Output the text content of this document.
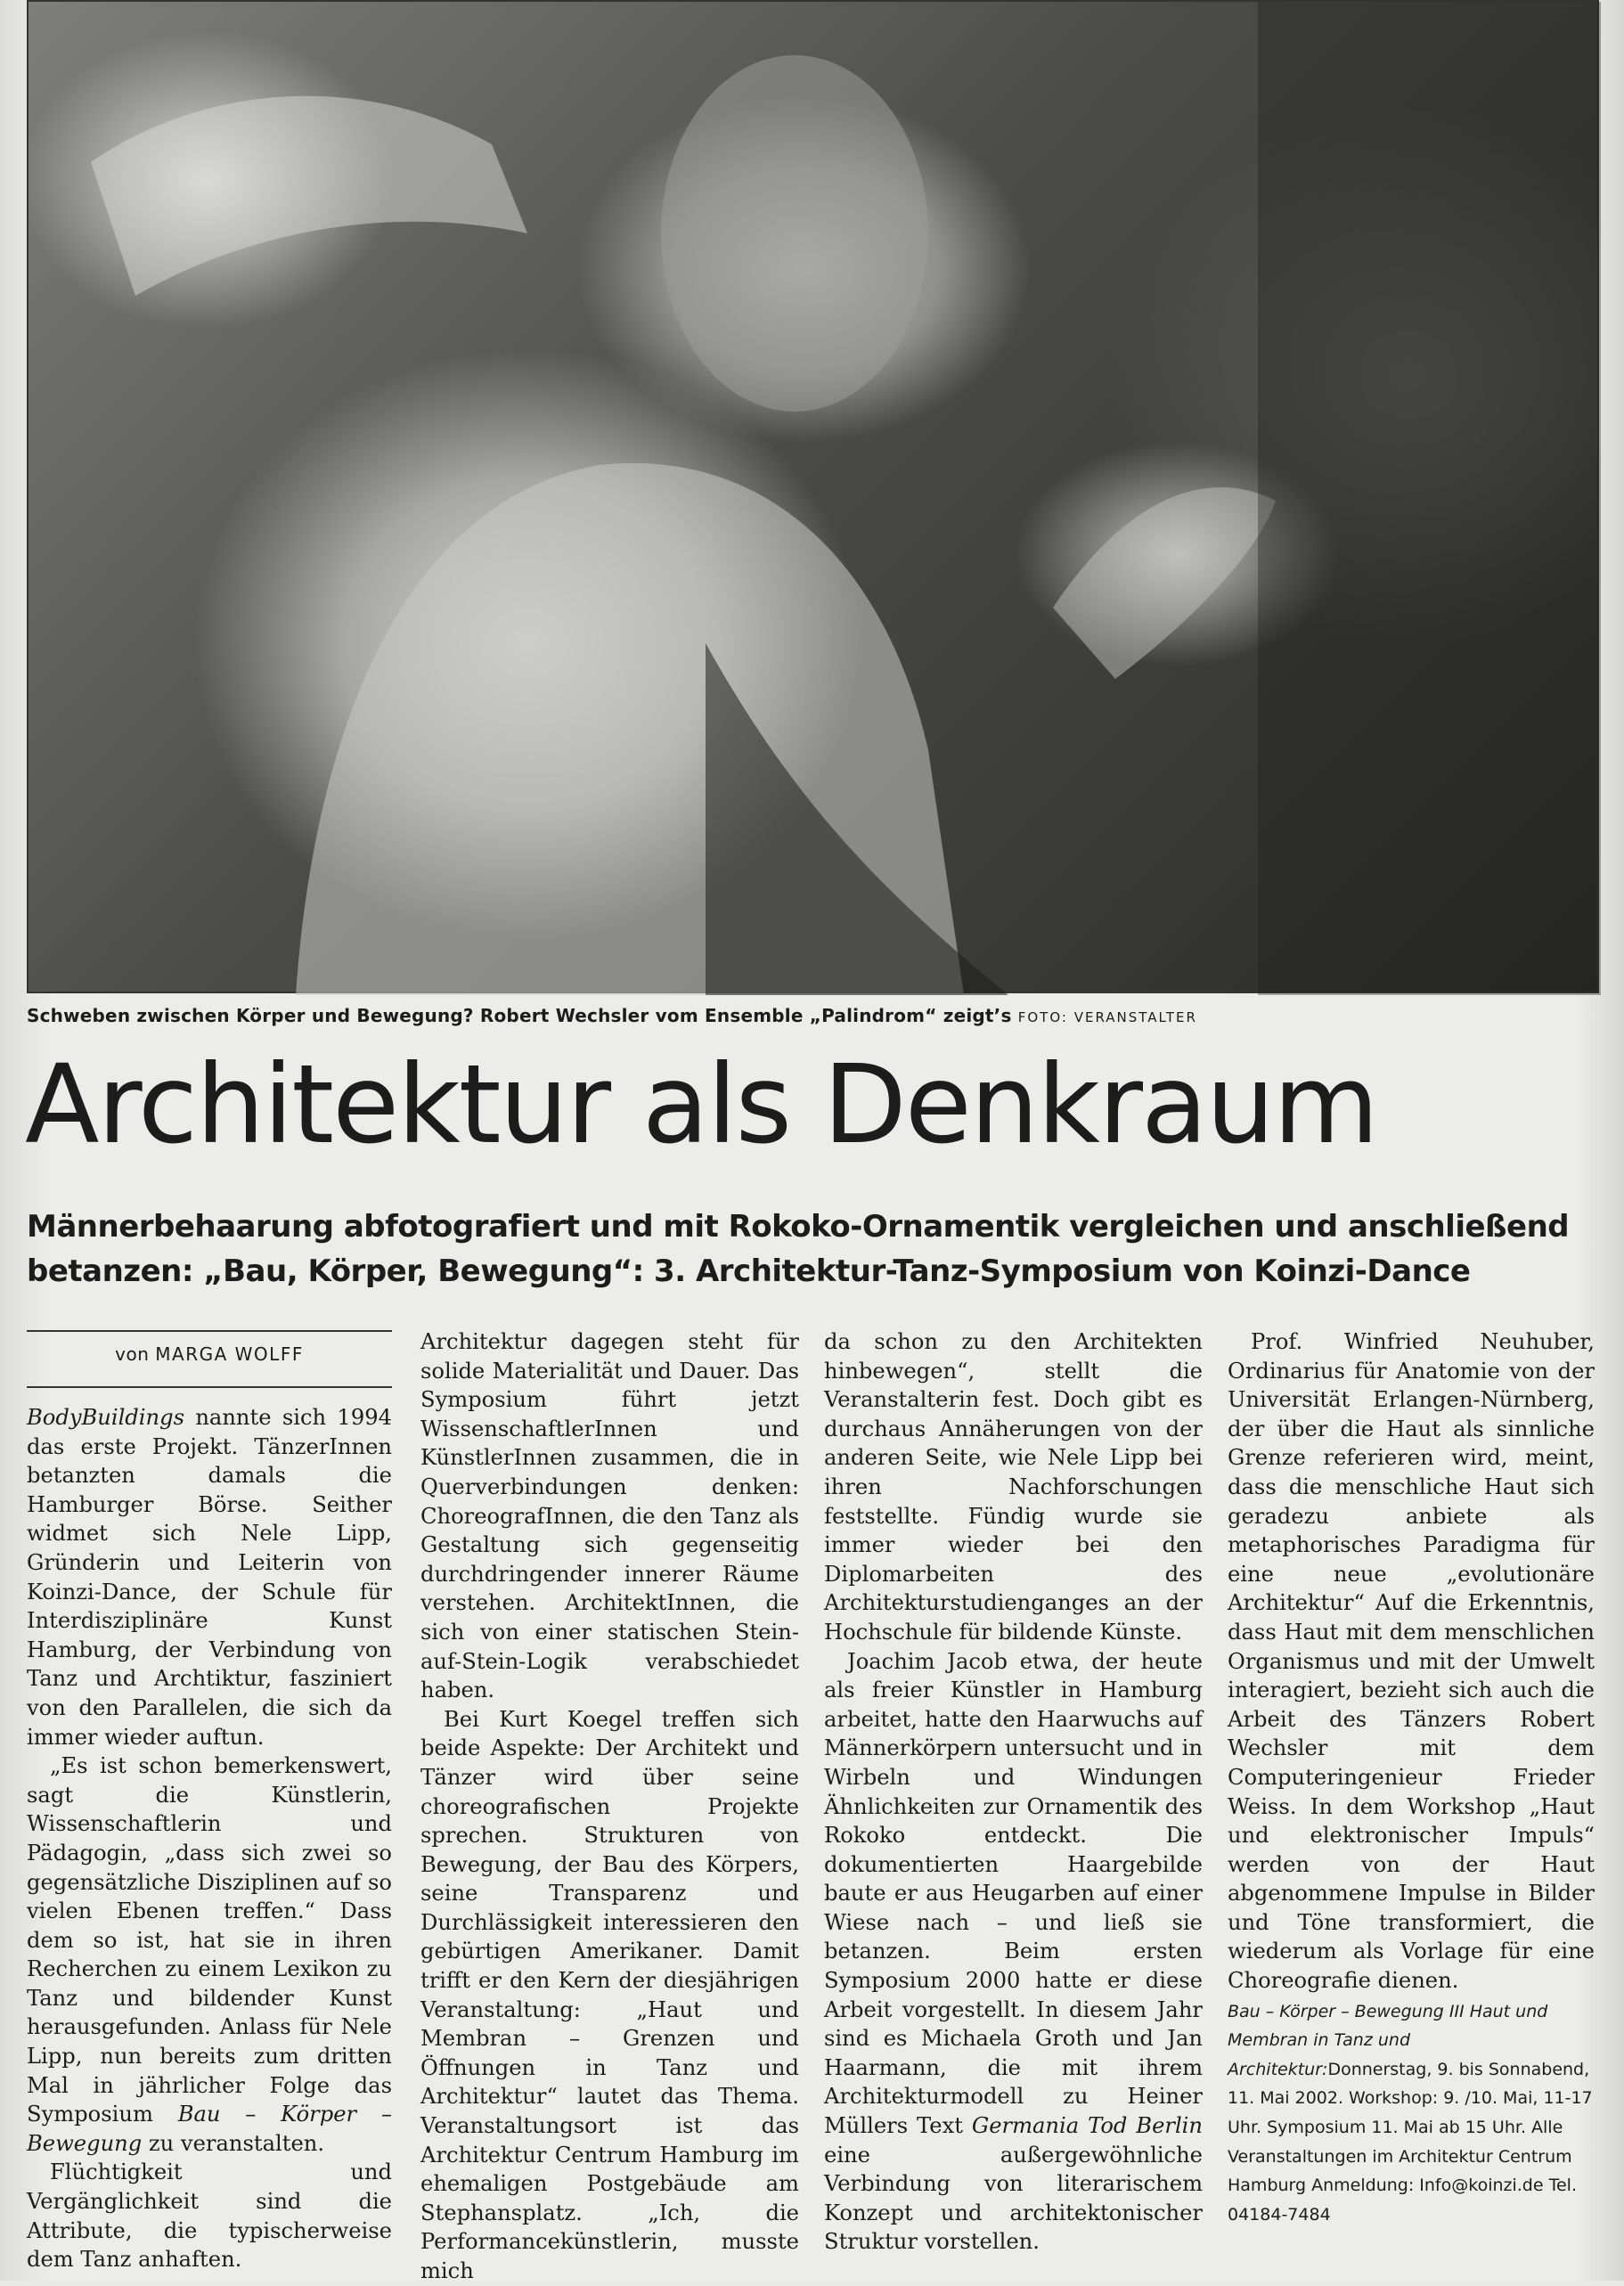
Schweben zwischen Körper und Bewegung? Robert Wechsler vom Ensemble „Palindrom“ zeigt’s FOTO: VERANSTALTER
Architektur als Denkraum
Männerbehaarung abfotografiert und mit Rokoko-Ornamentik vergleichen und anschließend betanzen: „Bau, Körper, Bewegung“: 3. Architektur-Tanz-Symposium von Koinzi-Dance
von MARGA WOLFF

BodyBuildings nannte sich 1994 das erste Projekt. TänzerInnen betanzten damals die Hamburger Börse. Seither widmet sich Nele Lipp, Gründerin und Leiterin von Koinzi-Dance, der Schule für Interdisziplinäre Kunst Hamburg, der Verbindung von Tanz und Archtiktur, fasziniert von den Parallelen, die sich da immer wieder auftun.

„Es ist schon bemerkenswert, sagt die Künstlerin, Wissenschaftlerin und Pädagogin, „dass sich zwei so gegensätzliche Disziplinen auf so vielen Ebenen treffen.“ Dass dem so ist, hat sie in ihren Recherchen zu einem Lexikon zu Tanz und bildender Kunst herausgefunden. Anlass für Nele Lipp, nun bereits zum dritten Mal in jährlicher Folge das Symposium Bau – Körper – Bewegung zu veranstalten.

Flüchtigkeit und Vergänglichkeit sind die Attribute, die typischerweise dem Tanz anhaften.

Architektur dagegen steht für solide Materialität und Dauer. Das Symposium führt jetzt WissenschaftlerInnen und KünstlerInnen zusammen, die in Querverbindungen denken: ChoreografInnen, die den Tanz als Gestaltung sich gegenseitig durchdringender innerer Räume verstehen. ArchitektInnen, die sich von einer statischen Stein-auf-Stein-Logik verabschiedet haben.

Bei Kurt Koegel treffen sich beide Aspekte: Der Architekt und Tänzer wird über seine choreografischen Projekte sprechen. Strukturen von Bewegung, der Bau des Körpers, seine Transparenz und Durchlässigkeit interessieren den gebürtigen Amerikaner. Damit trifft er den Kern der diesjährigen Veranstaltung: „Haut und Membran – Grenzen und Öffnungen in Tanz und Architektur“ lautet das Thema. Veranstaltungsort ist das Architektur Centrum Hamburg im ehemaligen Postgebäude am Stephansplatz. „Ich, die Performancekünstlerin, musste mich

da schon zu den Architekten hinbewegen“, stellt die Veranstalterin fest. Doch gibt es durchaus Annäherungen von der anderen Seite, wie Nele Lipp bei ihren Nachforschungen feststellte. Fündig wurde sie immer wieder bei den Diplomarbeiten des Architekturstudienganges an der Hochschule für bildende Künste.

Joachim Jacob etwa, der heute als freier Künstler in Hamburg arbeitet, hatte den Haarwuchs auf Männerkörpern untersucht und in Wirbeln und Windungen Ähnlichkeiten zur Ornamentik des Rokoko entdeckt. Die dokumentierten Haargebilde baute er aus Heugarben auf einer Wiese nach – und ließ sie betanzen. Beim ersten Symposium 2000 hatte er diese Arbeit vorgestellt. In diesem Jahr sind es Michaela Groth und Jan Haarmann, die mit ihrem Architekturmodell zu Heiner Müllers Text Germania Tod Berlin eine außergewöhnliche Verbindung von literarischem Konzept und architektonischer Struktur vorstellen.

Prof. Winfried Neuhuber, Ordinarius für Anatomie von der Universität Erlangen-Nürnberg, der über die Haut als sinnliche Grenze referieren wird, meint, dass die menschliche Haut sich geradezu anbiete als metaphorisches Paradigma für eine neue „evolutionäre Architektur“ Auf die Erkenntnis, dass Haut mit dem menschlichen Organismus und mit der Umwelt interagiert, bezieht sich auch die Arbeit des Tänzers Robert Wechsler mit dem Computeringenieur Frieder Weiss. In dem Workshop „Haut und elektronischer Impuls“ werden von der Haut abgenommene Impulse in Bilder und Töne transformiert, die wiederum als Vorlage für eine Choreografie dienen.

Bau – Körper – Bewegung III Haut und Membran in Tanz und Architektur:Donnerstag, 9. bis Sonnabend, 11. Mai 2002. Workshop: 9. /10. Mai, 11-17 Uhr. Symposium 11. Mai ab 15 Uhr. Alle Veranstaltungen im Architektur Centrum Hamburg Anmeldung: Info@koinzi.de Tel. 04184-7484
